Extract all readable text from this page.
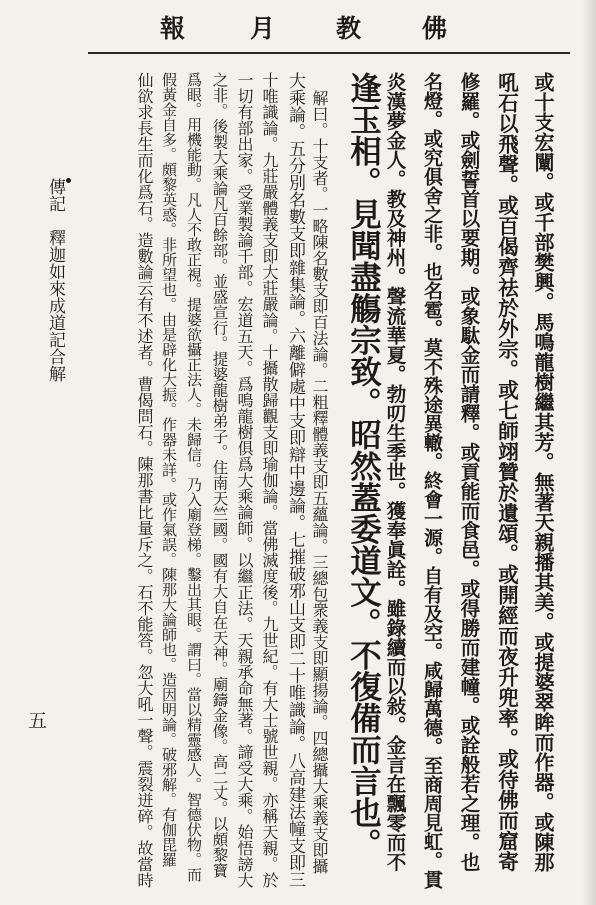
佛
教
月
報
或十支宏闡。或千部樊興。馬鳴龍樹繼其芳。無著天親播其美。或提婆翠眸而作器。或陳那
吼石以飛聲。或百偈齊祛於外宗。或七師翊贊於遺頌。或開經而夜升兜率。或待佛而窟寄
修羅。或劍誓首以要期。或象駄金而請釋。或貢能而食邑。或得勝而建幢。或詮般若之理。也
名燈。或究俱舍之非。也名雹。莫不殊途異轍。終會一源。自有及空。咸歸萬德。至商周見虹。貫
炎漢夢金人。教及神州。聲流華夏。勃叨生季世。獲奉眞詮。雖錄續而以敍。金言在飄零而不
逢玉相。見聞盡觴宗致。昭然蓋委道文。不復備而言也。
解曰。十支者。一略陳名數支即百法論。二粗釋體義支即五蘊論。三總包衆義支即顯揚論。四總攝大乘義支即攝
大乘論。五分別名數支即雜集論。六離僻處中支即辯中邊論。七摧破邪山支即二十唯識論。八高建法幢支即三
十唯識論。九莊嚴體義支即大莊嚴論。十攝散歸觀支即瑜伽論。當佛滅度後。九世紀。有大士號世親。亦稱天親。於
一切有部出家。受業製論千部。宏道五天。爲鳴龍樹俱爲大乘論師。以繼正法。天親承命無著。諦受大乘。始悟謗大
之非。後製大乘論凡百餘部。並盛宣行。提婆龍樹弟子。住南天竺國。國有大自在天神。廟鑄金像。高二丈。以頗黎寶
爲眼。用機能動。凡人不敢正視。提婆欲攝正法人。未歸信。乃入廟登梯。鑿出其眼。謂曰。當以精靈感人。智德伏物。而
假黃金自多。頗黎英惑。非所望也。由是辟化大振。作器未詳。或作氣誤。陳那大論師也。造因明論。破邪解。有伽毘羅
仙欲求長生而化爲石。造數論云有不述者。曹偈問石。陳那書比量斥之。石不能答。忽大吼一聲。震裂迸碎。故當時
傳記　釋迦如來成道記合解
五
